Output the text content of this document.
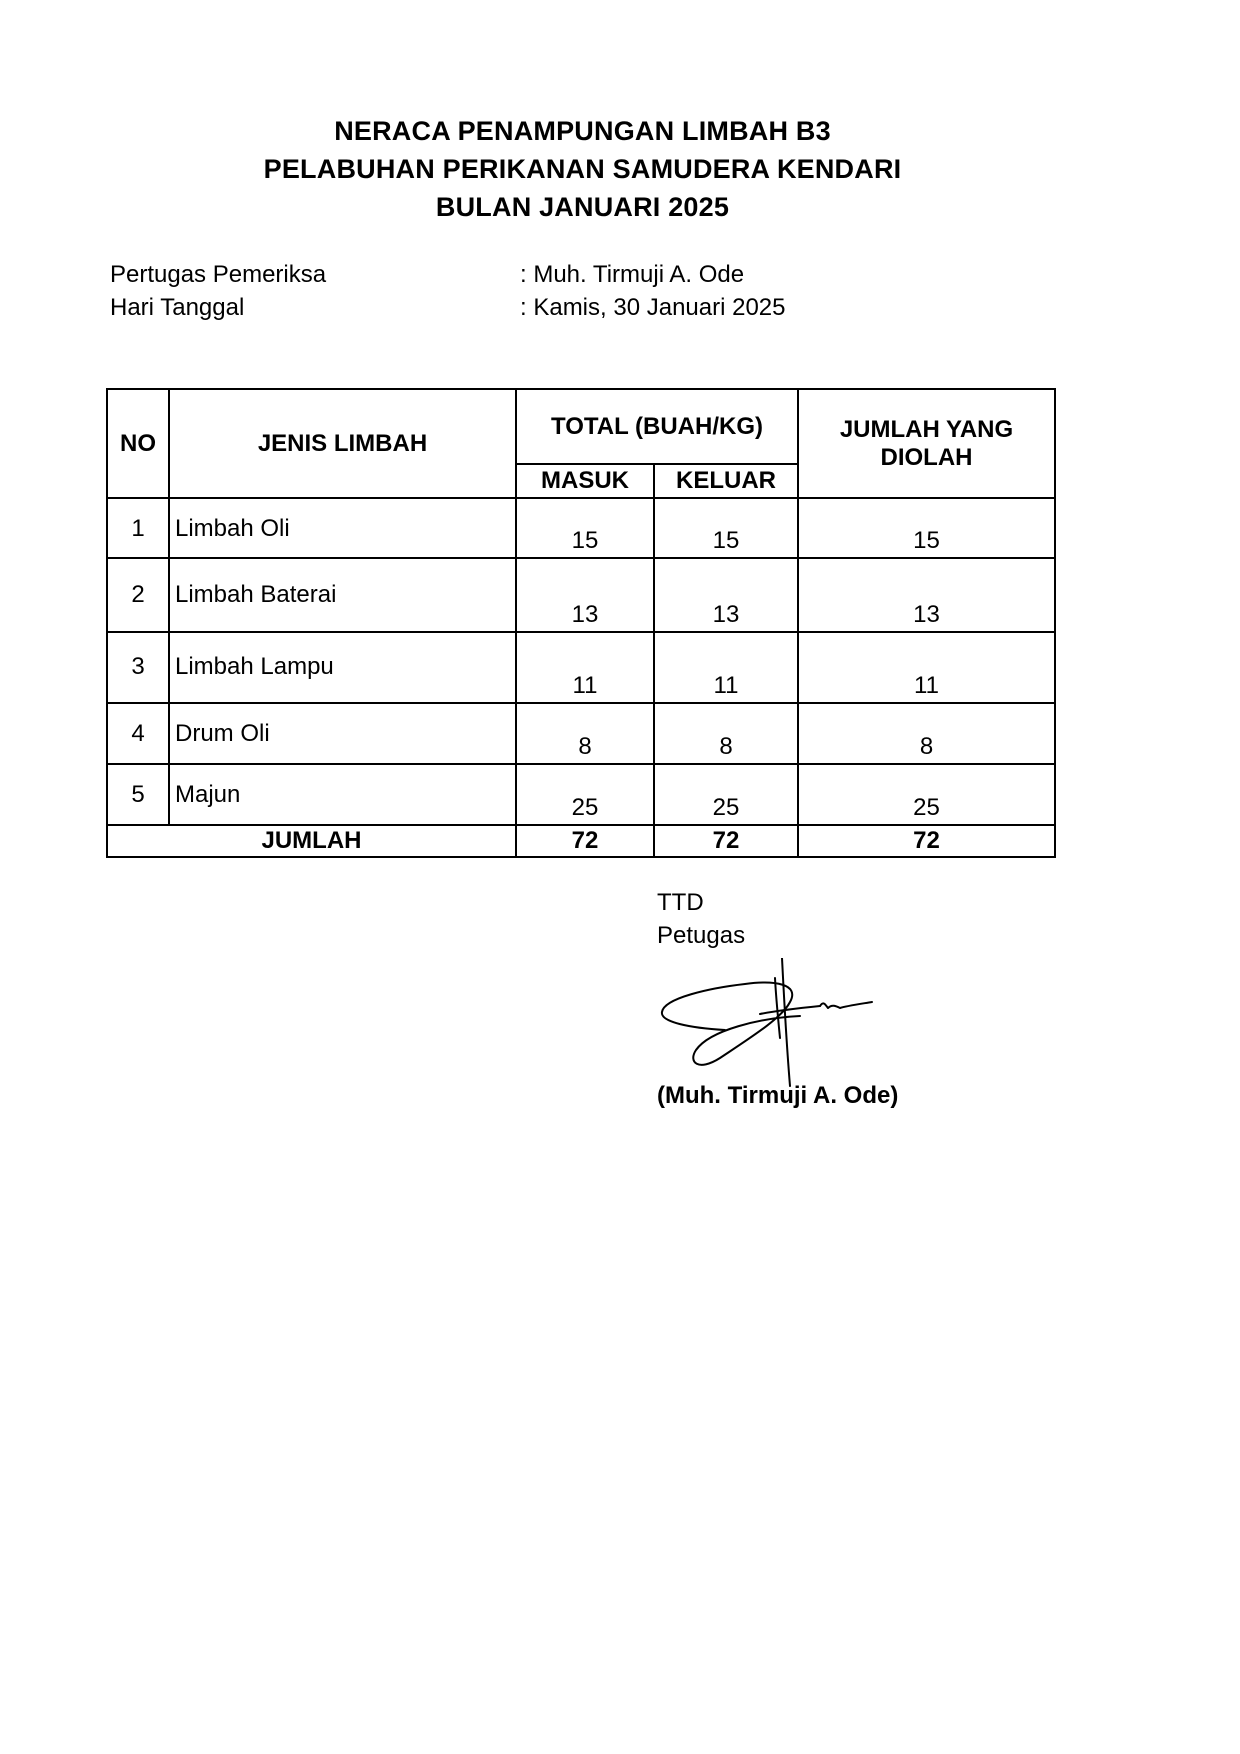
NERACA PENAMPUNGAN LIMBAH B3
PELABUHAN PERIKANAN SAMUDERA KENDARI
BULAN JANUARI 2025
Pertugas Pemeriksa	: Muh. Tirmuji A. Ode
Hari Tanggal	: Kamis, 30 Januari 2025
NO	JENIS LIMBAH	TOTAL (BUAH/KG)		JUMLAH YANG
DIOLAH

		MASUK	KELUAR	
1	Limbah Oli	15	15	15
2	Limbah Baterai	13	13	13
3	Limbah Lampu	11	11	11
4	Drum Oli	8	8	8
5	Majun	25	25	25
JUMLAH		72	72	72
TTD
Petugas
(Muh. Tirmuji A. Ode)
